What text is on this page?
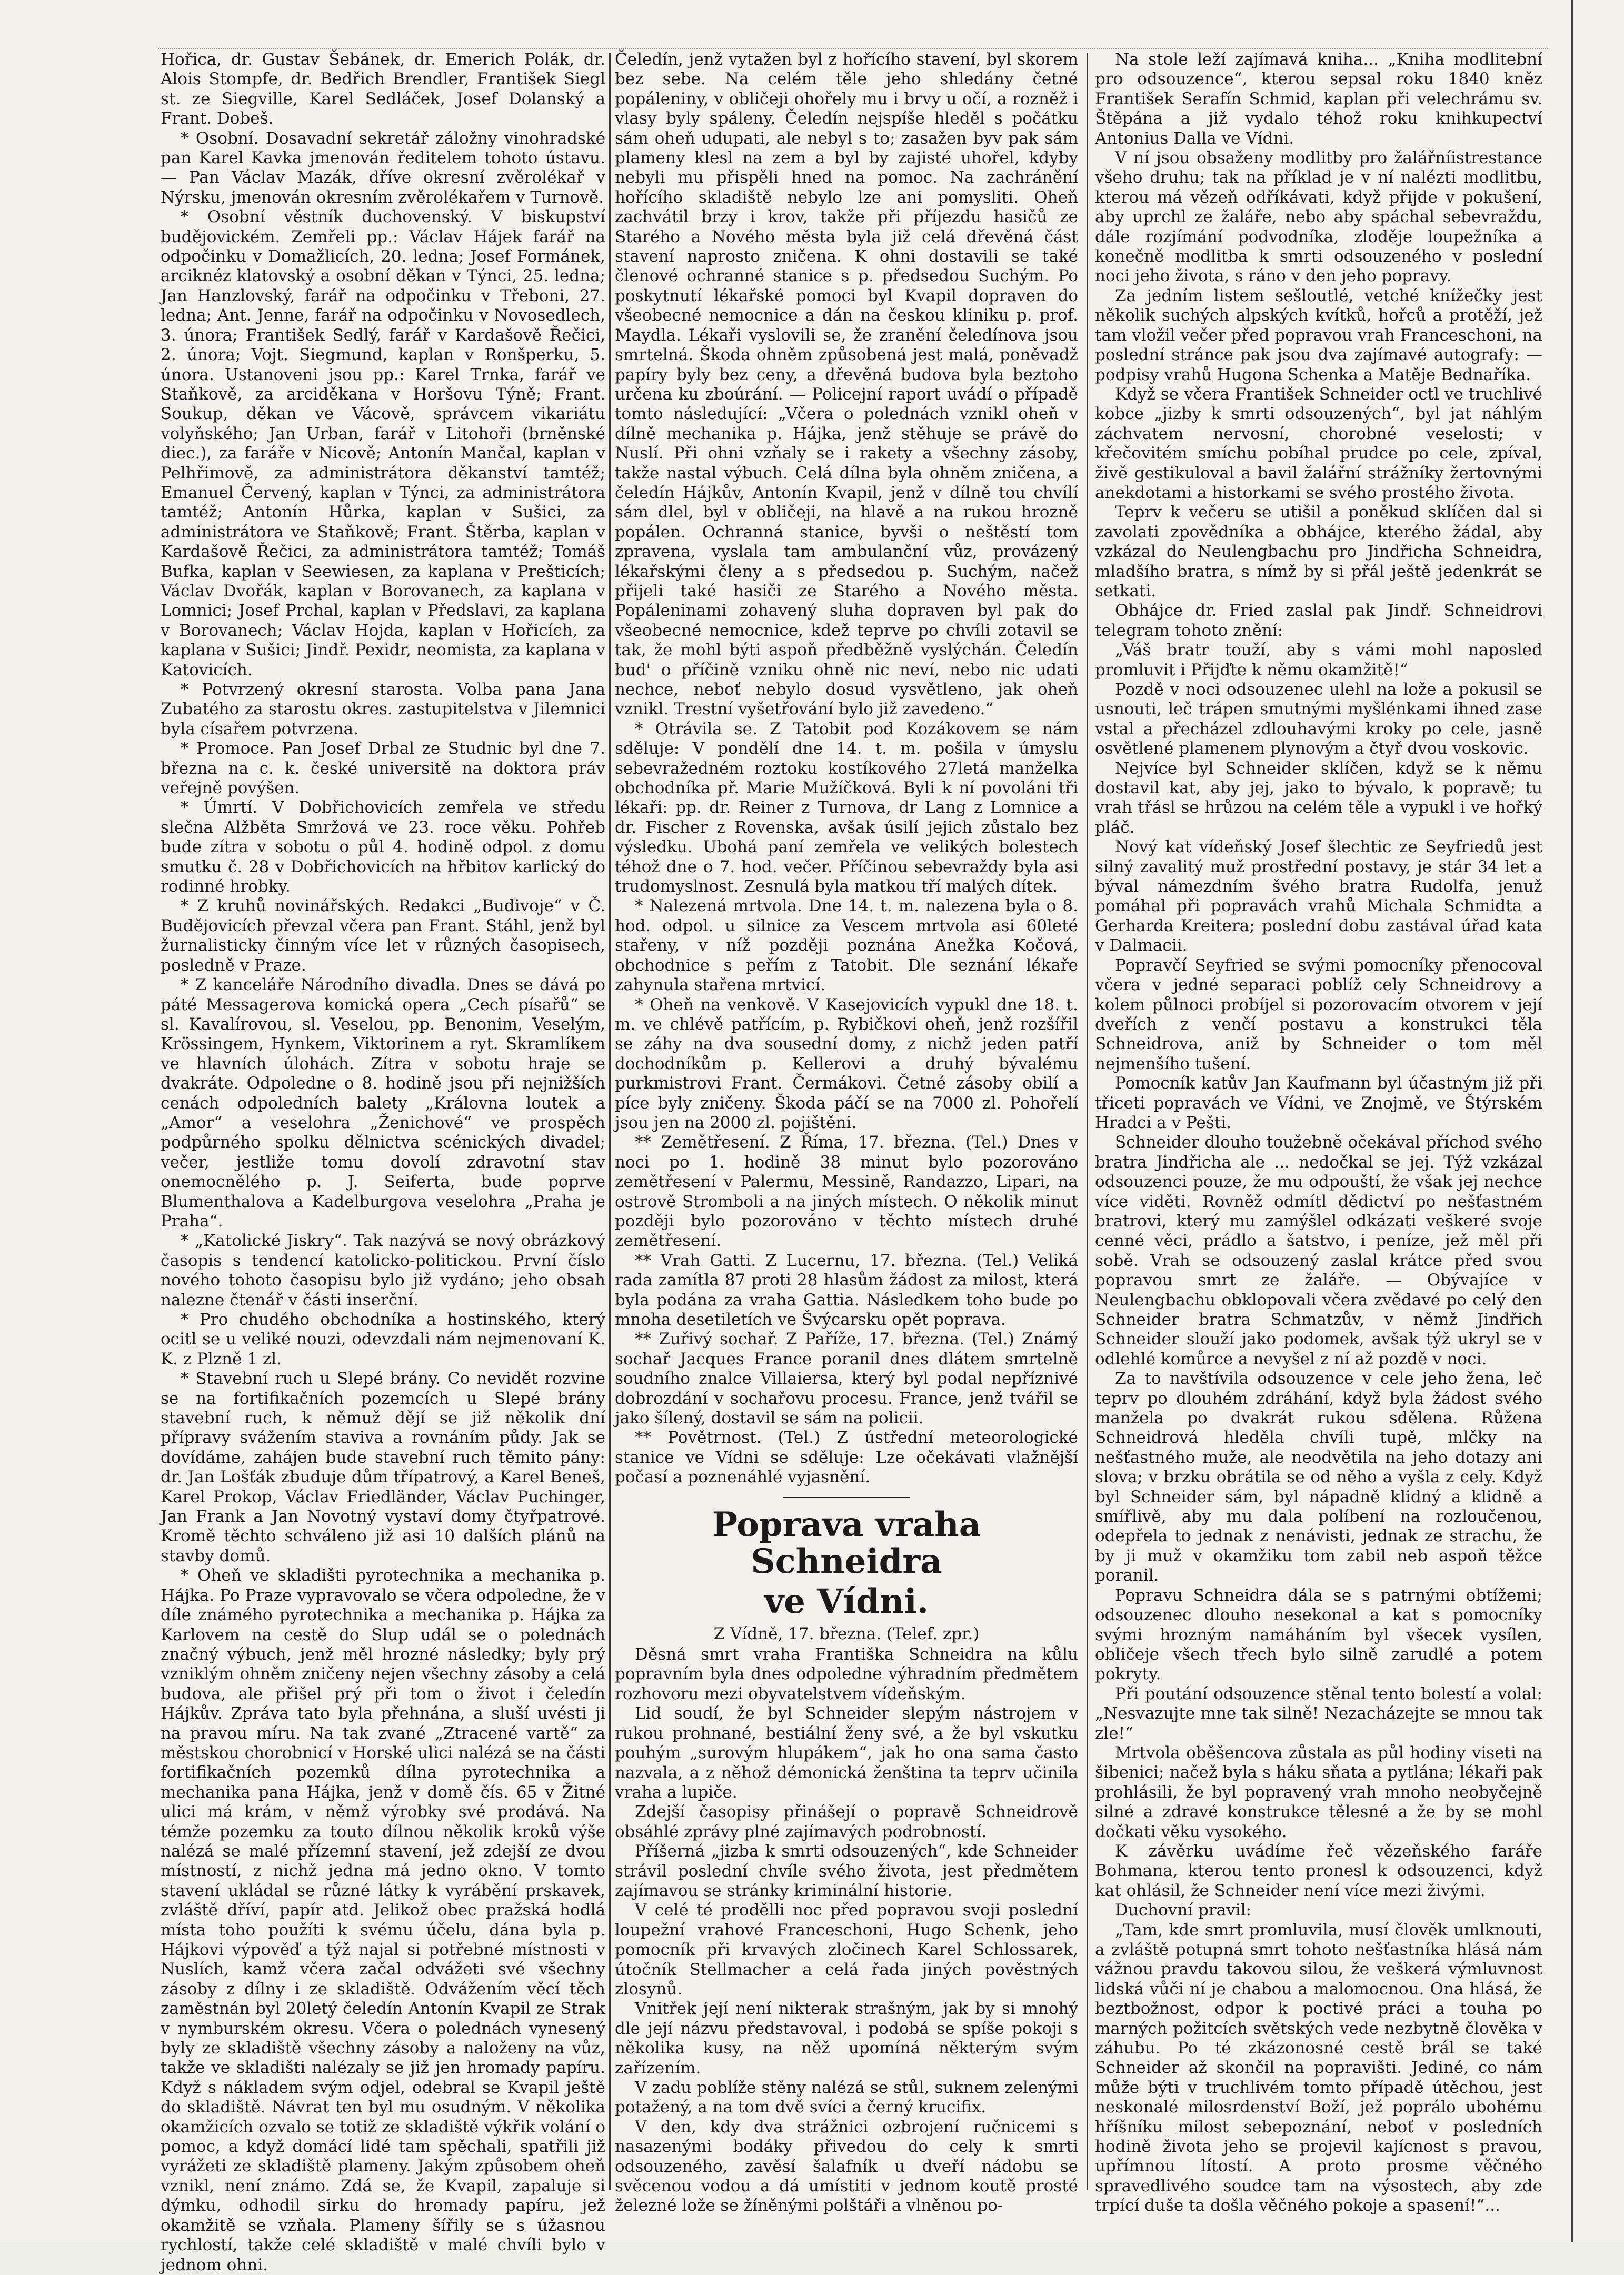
Hořica, dr. Gustav Šebánek, dr. Emerich Polák, dr. Alois Stompfe, dr. Bedřich Brendler, František Siegl st. ze Siegville, Karel Sedláček, Josef Dolanský a Frant. Dobeš.

* Osobní. Dosavadní sekretář záložny vinohradské pan Karel Kavka jmenován ředitelem tohoto ústavu. — Pan Václav Mazák, dříve okresní zvěrolékař v Nýrsku, jmenován okresním zvěrolékařem v Turnově.

* Osobní věstník duchovenský. V biskupství budějovickém. Zemřeli pp.: Václav Hájek farář na odpočinku v Domažlicích, 20. ledna; Josef Formánek, arciknéz klatovský a osobní děkan v Týnci, 25. ledna; Jan Hanzlovský, farář na odpočinku v Třeboni, 27. ledna; Ant. Jenne, farář na odpočinku v Novosedlech, 3. února; František Sedlý, farář v Kardašově Řečici, 2. února; Vojt. Siegmund, kaplan v Ronšperku, 5. února. Ustanoveni jsou pp.: Karel Trnka, farář ve Staňkově, za arciděkana v Horšovu Týně; Frant. Soukup, děkan ve Vácově, správcem vikariátu volyňského; Jan Urban, farář v Litohoři (brněnské diec.), za faráře v Nicově; Antonín Mančal, kaplan v Pelhřimově, za administrátora děkanství tamtéž; Emanuel Červený, kaplan v Týnci, za administrátora tamtéž; Antonín Hůrka, kaplan v Sušici, za administrátora ve Staňkově; Frant. Štěrba, kaplan v Kardašově Řečici, za administrátora tamtéž; Tomáš Bufka, kaplan v Seewiesen, za kaplana v Prešticích; Václav Dvořák, kaplan v Borovanech, za kaplana v Lomnici; Josef Prchal, kaplan v Předslavi, za kaplana v Borovanech; Václav Hojda, kaplan v Hořicích, za kaplana v Sušici; Jindř. Pexidr, neomista, za kaplana v Katovicích.

* Potvrzený okresní starosta. Volba pana Jana Zubatého za starostu okres. zastupitelstva v Jilemnici byla císařem potvrzena.

* Promoce. Pan Josef Drbal ze Studnic byl dne 7. března na c. k. české universitě na doktora práv veřejně povýšen.

* Úmrtí. V Dobřichovicích zemřela ve středu slečna Alžběta Smržová ve 23. roce věku. Pohřeb bude zítra v sobotu o půl 4. hodině odpol. z domu smutku č. 28 v Dobřichovicích na hřbitov karlický do rodinné hrobky.

* Z kruhů novinářských. Redakci „Budivoje“ v Č. Budějovicích převzal včera pan Frant. Stáhl, jenž byl žurnalisticky činným více let v různých časopisech, posledně v Praze.

* Z kanceláře Národního divadla. Dnes se dává po páté Messagerova komická opera „Cech písařů“ se sl. Kavalírovou, sl. Veselou, pp. Benonim, Veselým, Krössingem, Hynkem, Viktorinem a ryt. Skramlíkem ve hlavních úlohách. Zítra v sobotu hraje se dvakráte. Odpoledne o 8. hodině jsou při nejnižších cenách odpoledních balety „Královna loutek a „Amor“ a veselohra „Ženichové“ ve prospěch podpůrného spolku dělnictva scénických divadel; večer, jestliže tomu dovolí zdravotní stav onemocnělého p. J. Seiferta, bude poprve Blumenthalova a Kadelburgova veselohra „Praha je Praha“.

* „Katolické Jiskry“. Tak nazývá se nový obrázkový časopis s tendencí katolicko-politickou. První číslo nového tohoto časopisu bylo již vydáno; jeho obsah nalezne čtenář v části inserční.

* Pro chudého obchodníka a hostinského, který ocitl se u veliké nouzi, odevzdali nám nejmenovaní K. K. z Plzně 1 zl.

* Stavební ruch u Slepé brány. Co nevidět rozvine se na fortifikačních pozemcích u Slepé brány stavební ruch, k němuž dějí se již několik dní přípravy svážením staviva a rovnáním půdy. Jak se dovídáme, zahájen bude stavební ruch těmito pány: dr. Jan Lošťák zbuduje dům třípatrový, a Karel Beneš, Karel Prokop, Václav Friedländer, Václav Puchinger, Jan Frank a Jan Novotný vystaví domy čtyřpatrové. Kromě těchto schváleno již asi 10 dalších plánů na stavby domů.

* Oheň ve skladišti pyrotechnika a mechanika p. Hájka. Po Praze vypravovalo se včera odpoledne, že v díle známého pyrotechnika a mechanika p. Hájka za Karlovem na cestě do Slup udál se o polednách značný výbuch, jenž měl hrozné následky; byly prý vzniklým ohněm zničeny nejen všechny zásoby a celá budova, ale přišel prý při tom o život i čeledín Hájkův. Zpráva tato byla přehnána, a sluší uvésti ji na pravou míru. Na tak zvané „Ztracené vartě“ za městskou chorobnicí v Horské ulici nalézá se na části fortifikačních pozemků dílna pyrotechnika a mechanika pana Hájka, jenž v domě čís. 65 v Žitné ulici má krám, v němž výrobky své prodává. Na témže pozemku za touto dílnou několik kroků výše nalézá se malé přízemní stavení, jež zdejší ze dvou místností, z nichž jedna má jedno okno. V tomto stavení ukládal se různé látky k vyrábění prskavek, zvláště dříví, papír atd. Jelikož obec pražská hodlá místa toho použíti k svému účelu, dána byla p. Hájkovi výpověď a týž najal si potřebné místnosti v Nuslích, kamž včera začal odvážeti své všechny zásoby z dílny i ze skladiště. Odvážením věcí těch zaměstnán byl 20letý čeledín Antonín Kvapil ze Strak v nymburském okresu. Včera o polednách vynesený byly ze skladiště všechny zásoby a naloženy na vůz, takže ve skladišti nalézaly se již jen hromady papíru. Když s nákladem svým odjel, odebral se Kvapil ještě do skladiště. Návrat ten byl mu osudným. V několika okamžicích ozvalo se totiž ze skladiště výkřik volání o pomoc, a když domácí lidé tam spěchali, spatřili již vyrážeti ze skladiště plameny. Jakým způsobem oheň vznikl, není známo. Zdá se, že Kvapil, zapaluje si dýmku, odhodil sirku do hromady papíru, jež okamžitě se vzňala. Plameny šířily se s úžasnou rychlostí, takže celé skladiště v malé chvíli bylo v jednom ohni.

Čeledín, jenž vytažen byl z hořícího stavení, byl skorem bez sebe. Na celém těle jeho shledány četné popáleniny, v obličeji ohořely mu i brvy u očí, a rozněž i vlasy byly spáleny. Čeledín nejspíše hleděl s počátku sám oheň udupati, ale nebyl s to; zasažen byv pak sám plameny klesl na zem a byl by zajisté uhořel, kdyby nebyli mu přispěli hned na pomoc. Na zachránění hořícího skladiště nebylo lze ani pomysliti. Oheň zachvátil brzy i krov, takže při příjezdu hasičů ze Starého a Nového města byla již celá dřevěná část stavení naprosto zničena. K ohni dostavili se také členové ochranné stanice s p. předsedou Suchým. Po poskytnutí lékařské pomoci byl Kvapil dopraven do všeobecné nemocnice a dán na českou kliniku p. prof. Maydla. Lékaři vyslovili se, že zranění čeledínova jsou smrtelná. Škoda ohněm způsobená jest malá, poněvadž papíry byly bez ceny, a dřevěná budova byla beztoho určena ku zboúrání. — Policejní raport uvádí o případě tomto následující: „Včera o polednách vznikl oheň v dílně mechanika p. Hájka, jenž stěhuje se právě do Nuslí. Při ohni vzňaly se i rakety a všechny zásoby, takže nastal výbuch. Celá dílna byla ohněm zničena, a čeledín Hájkův, Antonín Kvapil, jenž v dílně tou chvílí sám dlel, byl v obličeji, na hlavě a na rukou hrozně popálen. Ochranná stanice, byvši o neštěstí tom zpravena, vyslala tam ambulanční vůz, provázený lékařskými členy a s předsedou p. Suchým, načež přijeli také hasiči ze Starého a Nového města. Popáleninami zohavený sluha dopraven byl pak do všeobecné nemocnice, kdež teprve po chvíli zotavil se tak, že mohl býti aspoň předběžně vyslýchán. Čeledín bud' o příčině vzniku ohně nic neví, nebo nic udati nechce, neboť nebylo dosud vysvětleno, jak oheň vznikl. Trestní vyšetřování bylo již zavedeno.“

* Otrávila se. Z Tatobit pod Kozákovem se nám sděluje: V pondělí dne 14. t. m. pošila v úmyslu sebevražedném roztoku kostíkového 27letá manželka obchodníka př. Marie Mužíčková. Byli k ní povoláni tři lékaři: pp. dr. Reiner z Turnova, dr Lang z Lomnice a dr. Fischer z Rovenska, avšak úsilí jejich zůstalo bez výsledku. Ubohá paní zemřela ve velikých bolestech téhož dne o 7. hod. večer. Příčinou sebevraždy byla asi trudomyslnost. Zesnulá byla matkou tří malých dítek.

* Nalezená mrtvola. Dne 14. t. m. nalezena byla o 8. hod. odpol. u silnice za Vescem mrtvola asi 60leté stařeny, v níž později poznána Anežka Kočová, obchodnice s peřím z Tatobit. Dle seznání lékaře zahynula stařena mrtvicí.

* Oheň na venkově. V Kasejovicích vypukl dne 18. t. m. ve chlévě patřícím, p. Rybičkovi oheň, jenž rozšířil se záhy na dva sousední domy, z nichž jeden patří dochodníkům p. Kellerovi a druhý bývalému purkmistrovi Frant. Čermákovi. Četné zásoby obilí a píce byly zničeny. Škoda páčí se na 7000 zl. Pohořelí jsou jen na 2000 zl. pojištěni.

** Zemětřesení. Z Říma, 17. března. (Tel.) Dnes v noci po 1. hodině 38 minut bylo pozorováno zemětřesení v Palermu, Messině, Randazzo, Lipari, na ostrově Stromboli a na jiných místech. O několik minut později bylo pozorováno v těchto místech druhé zemětřesení.

** Vrah Gatti. Z Lucernu, 17. března. (Tel.) Veliká rada zamítla 87 proti 28 hlasům žádost za milost, která byla podána za vraha Gattia. Následkem toho bude po mnoha desetiletích ve Švýcarsku opět poprava.

** Zuřivý sochař. Z Paříže, 17. března. (Tel.) Známý sochař Jacques France poranil dnes dlátem smrtelně soudního znalce Villaiersa, který byl podal nepříznivé dobrozdání v sochařovu procesu. France, jenž tvářil se jako šílený, dostavil se sám na policii.

** Povětrnost. (Tel.) Z ústřední meteorologické stanice ve Vídni se sděluje: Lze očekávati vlažnější počasí a poznenáhlé vyjasnění.

Poprava vraha Schneidra
ve Vídni.

Z Vídně, 17. března. (Telef. zpr.)

Děsná smrt vraha Františka Schneidra na kůlu popravním byla dnes odpoledne výhradním předmětem rozhovoru mezi obyvatelstvem vídeňským.

Lid soudí, že byl Schneider slepým nástrojem v rukou prohnané, bestiální ženy své, a že byl vskutku pouhým „surovým hlupákem“, jak ho ona sama často nazvala, a z něhož démonická ženština ta teprv učinila vraha a lupiče.

Zdejší časopisy přinášejí o popravě Schneidrově obsáhlé zprávy plné zajímavých podrobností.

Příšerná „jizba k smrti odsouzených“, kde Schneider strávil poslední chvíle svého života, jest předmětem zajímavou se stránky kriminální historie.

V celé té prodělli noc před popravou svoji poslední loupežní vrahové Franceschoni, Hugo Schenk, jeho pomocník při krvavých zločinech Karel Schlossarek, útočník Stellmacher a celá řada jiných pověstných zlosynů.

Vnitřek její není nikterak strašným, jak by si mnohý dle její názvu představoval, i podobá se spíše pokoji s několika kusy, na něž upomíná některým svým zařízením.

V zadu poblíže stěny nalézá se stůl, suknem zelenými potažený, a na tom dvě svíci a černý krucifix.

V den, kdy dva strážnici ozbrojení ručnicemi s nasazenými bodáky přivedou do cely k smrti odsouzeného, zavěsí šalafník u dveří nádobu se svěcenou vodou a dá umístiti v jednom koutě prosté železné lože se žíněnými polštáři a vlněnou po-

Na stole leží zajímavá kniha... „Kniha modlitební pro odsouzence“, kterou sepsal roku 1840 kněz František Serafín Schmid, kaplan při velechrámu sv. Štěpána a již vydalo téhož roku knihkupectví Antonius Dalla ve Vídni.

V ní jsou obsaženy modlitby pro žalářníistrestance všeho druhu; tak na příklad je v ní nalézti modlitbu, kterou má vězeň odříkávati, když přijde v pokušení, aby uprchl ze žaláře, nebo aby spáchal sebevraždu, dále rozjímání podvodníka, zloděje loupežníka a konečně modlitba k smrti odsouzeného v poslední noci jeho života, s ráno v den jeho popravy.

Za jedním listem sešloutlé, vetché knížečky jest několik suchých alpských kvítků, hořců a protěží, jež tam vložil večer před popravou vrah Franceschoni, na poslední stránce pak jsou dva zajímavé autografy: — podpisy vrahů Hugona Schenka a Matěje Bednaříka.

Když se včera František Schneider octl ve truchlivé kobce „jizby k smrti odsouzených“, byl jat náhlým záchvatem nervosní, chorobné veselosti; v křečovitém smíchu pobíhal prudce po cele, zpíval, živě gestikuloval a bavil žalářní strážníky žertovnými anekdotami a historkami se svého prostého života.

Teprv k večeru se utišil a poněkud sklíčen dal si zavolati zpovědníka a obhájce, kterého žádal, aby vzkázal do Neulengbachu pro Jindřicha Schneidra, mladšího bratra, s nímž by si přál ještě jedenkrát se setkati.

Obhájce dr. Fried zaslal pak Jindř. Schneidrovi telegram tohoto znění:

„Váš bratr touží, aby s vámi mohl naposled promluvit i Přijďte k němu okamžitě!“

Pozdě v noci odsouzenec ulehl na lože a pokusil se usnouti, leč trápen smutnými myšlénkami ihned zase vstal a přecházel zdlouhavými kroky po cele, jasně osvětlené plamenem plynovým a čtyř dvou voskovic.

Nejvíce byl Schneider sklíčen, když se k němu dostavil kat, aby jej, jako to bývalo, k popravě; tu vrah třásl se hrůzou na celém těle a vypukl i ve hořký pláč.

Nový kat vídeňský Josef šlechtic ze Seyfriedů jest silný zavalitý muž prostřední postavy, je stár 34 let a býval námezdním švého bratra Rudolfa, jenuž pomáhal při popravách vrahů Michala Schmidta a Gerharda Kreitera; poslední dobu zastával úřad kata v Dalmacii.

Popravčí Seyfried se svými pomocníky přenocoval včera v jedné separaci poblíž cely Schneidrovy a kolem půlnoci probíjel si pozorovacím otvorem v její dveřích z venčí postavu a konstrukci těla Schneidrova, aniž by Schneider o tom měl nejmenšího tušení.

Pomocník katův Jan Kaufmann byl účastným již při třiceti popravách ve Vídni, ve Znojmě, ve Štýrském Hradci a v Pešti.

Schneider dlouho toužebně očekával příchod svého bratra Jindřicha ale ... nedočkal se jej. Týž vzkázal odsouzenci pouze, že mu odpouští, že však jej nechce více viděti. Rovněž odmítl dědictví po nešťastném bratrovi, který mu zamýšlel odkázati veškeré svoje cenné věci, prádlo a šatstvo, i peníze, jež měl při sobě. Vrah se odsouzený zaslal krátce před svou popravou smrt ze žaláře. — Obývajíce v Neulengbachu obklopovali včera zvědavé po celý den Schneider bratra Schmatzův, v němž Jindřich Schneider slouží jako podomek, avšak týž ukryl se v odlehlé komůrce a nevyšel z ní až pozdě v noci.

Za to navštívila odsouzence v cele jeho žena, leč teprv po dlouhém zdráhání, když byla žádost svého manžela po dvakrát rukou sdělena. Růžena Schneidrová hleděla chvíli tupě, mlčky na nešťastného muže, ale neodvětila na jeho dotazy ani slova; v brzku obrátila se od něho a vyšla z cely. Když byl Schneider sám, byl nápadně klidný a klidně a smířlivě, aby mu dala políbení na rozloučenou, odepřela to jednak z nenávisti, jednak ze strachu, že by ji muž v okamžiku tom zabil neb aspoň těžce poranil.

Popravu Schneidra dála se s patrnými obtížemi; odsouzenec dlouho nesekonal a kat s pomocníky svými hrozným namáháním byl všecek vysílen, obličeje všech třech bylo silně zarudlé a potem pokryty.

Při poutání odsouzence stěnal tento bolestí a volal: „Nesvazujte mne tak silně! Nezacházejte se mnou tak zle!“

Mrtvola oběšencova zůstala as půl hodiny viseti na šibenici; načež byla s háku sňata a pytlána; lékaři pak prohlásili, že byl popravený vrah mnoho neobyčejně silné a zdravé konstrukce tělesné a že by se mohl dočkati věku vysokého.

K závěrku uvádíme řeč vězeňského faráře Bohmana, kterou tento pronesl k odsouzenci, když kat ohlásil, že Schneider není více mezi živými.

Duchovní pravil:

„Tam, kde smrt promluvila, musí člověk umlknouti, a zvláště potupná smrt tohoto nešťastníka hlásá nám vážnou pravdu takovou silou, že veškerá výmluvnost lidská vůči ní je chabou a malomocnou. Ona hlásá, že beztbožnost, odpor k poctivé práci a touha po marných požitcích světských vede nezbytně člověka v záhubu. Po té zkázonosné cestě brál se také Schneider až skončil na popravišti. Jediné, co nám může býti v truchlivém tomto případě útěchou, jest neskonalé milosrdenství Boží, jež poprálo ubohému hříšníku milost sebepoznání, neboť v posledních hodině života jeho se projevil kajícnost s pravou, upřímnou lítostí. A proto prosme věčného spravedlivého soudce tam na výsostech, aby zde trpící duše ta došla věčného pokoje a spasení!“...
